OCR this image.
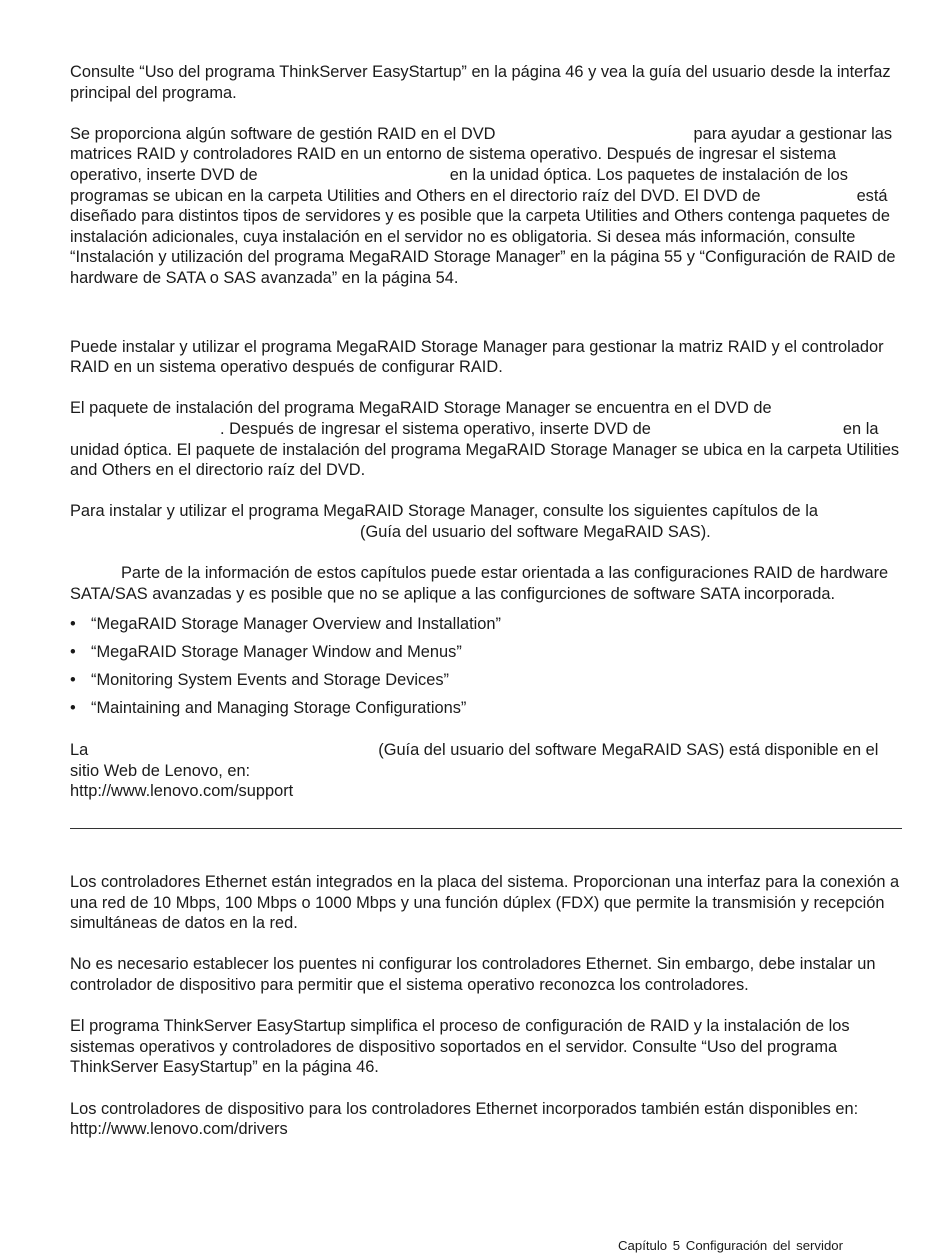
Consulte “Uso del programa ThinkServer EasyStartup” en la página 46 y vea la guía del usuario desde la interfaz principal del programa.

Se proporciona algún software de gestión RAID en el DVD	para ayudar a gestionar las matrices RAID y controladores RAID en un entorno de sistema operativo. Después de ingresar el sistema operativo, inserte DVD de	en la unidad óptica. Los paquetes de instalación de los programas se ubican en la carpeta Utilities and Others en el directorio raíz del DVD. El DVD de	está diseñado para distintos tipos de servidores y es posible que la carpeta Utilities and Others contenga paquetes de instalación adicionales, cuya instalación en el servidor no es obligatoria. Si desea más información, consulte “Instalación y utilización del programa MegaRAID Storage Manager” en la página 55 y “Configuración de RAID de hardware de SATA o SAS avanzada” en la página 54.

Puede instalar y utilizar el programa MegaRAID Storage Manager para gestionar la matriz RAID y el controlador RAID en un sistema operativo después de configurar RAID.

El paquete de instalación del programa MegaRAID Storage Manager se encuentra en el DVD de. Después de ingresar el sistema operativo, inserte DVD de	en la unidad óptica. El paquete de instalación del programa MegaRAID Storage Manager se ubica en la carpeta Utilities and Others en el directorio raíz del DVD.

Para instalar y utilizar el programa MegaRAID Storage Manager, consulte los siguientes capítulos de la(Guía del usuario del software MegaRAID SAS).

Parte de la información de estos capítulos puede estar orientada a las configuraciones RAID de hardware SATA/SAS avanzadas y es posible que no se aplique a las configurciones de software SATA incorporada.

• “MegaRAID Storage Manager Overview and Installation”
• “MegaRAID Storage Manager Window and Menus”
• “Monitoring System Events and Storage Devices”
• “Maintaining and Managing Storage Configurations”

La	(Guía del usuario del software MegaRAID SAS) está disponible en el sitio Web de Lenovo, en:
http://www.lenovo.com/support

Los controladores Ethernet están integrados en la placa del sistema. Proporcionan una interfaz para la conexión a una red de 10 Mbps, 100 Mbps o 1000 Mbps y una función dúplex (FDX) que permite la transmisión y recepción simultáneas de datos en la red.

No es necesario establecer los puentes ni configurar los controladores Ethernet. Sin embargo, debe instalar un controlador de dispositivo para permitir que el sistema operativo reconozca los controladores.

El programa ThinkServer EasyStartup simplifica el proceso de configuración de RAID y la instalación de los sistemas operativos y controladores de dispositivo soportados en el servidor. Consulte “Uso del programa ThinkServer EasyStartup” en la página 46.

Los controladores de dispositivo para los controladores Ethernet incorporados también están disponibles en:
http://www.lenovo.com/drivers

Capítulo 5 Configuración del servidor
